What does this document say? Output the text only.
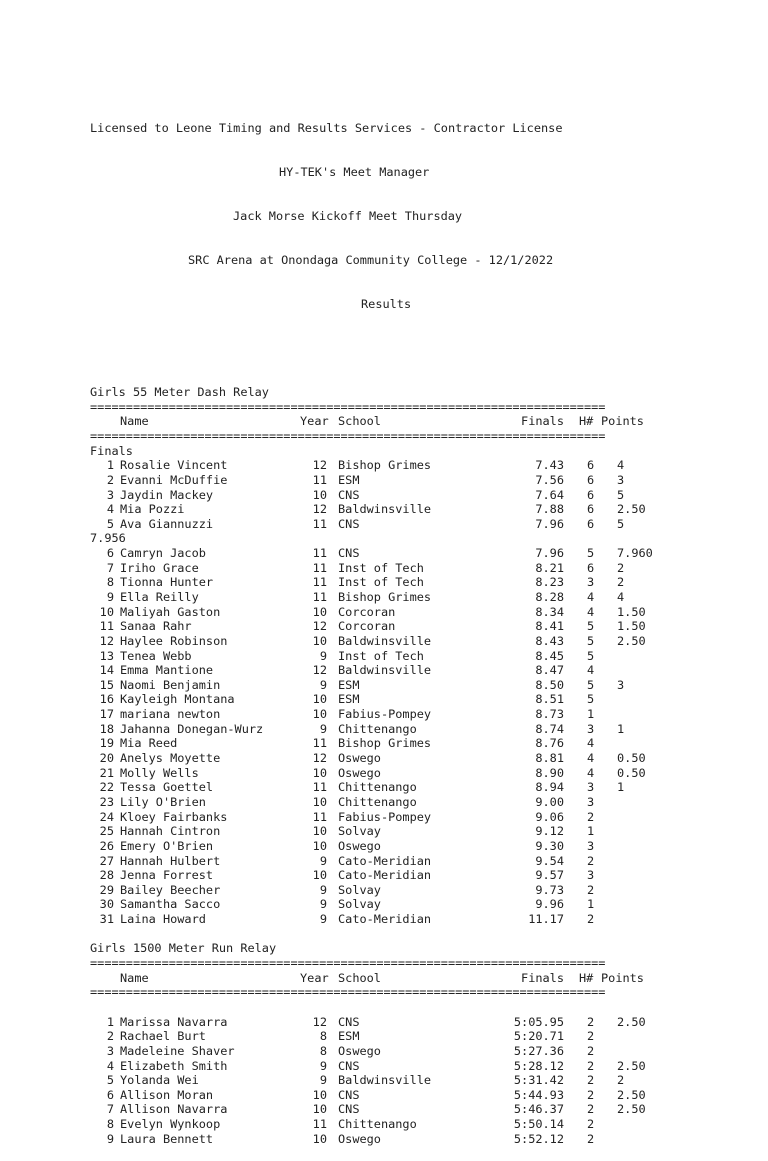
Licensed to Leone Timing and Results Services - Contractor License

HY-TEK's Meet Manager

Jack Morse Kickoff Meet Thursday

SRC Arena at Onondaga Community College - 12/1/2022

Results

Girls 55 Meter Dash Relay
========================================================================
Name	Year School	Finals H# Points
========================================================================
Finals
1 Rosalie Vincent	12 Bishop Grimes	7.43 6 4
2 Evanni McDuffie	11 ESM	7.56 6 3
3 Jaydin Mackey	10 CNS	7.64 6 5
4 Mia Pozzi	12 Baldwinsville	7.88 6 2.50
5 Ava Giannuzzi	11 CNS	7.96 6 5
7.956
6 Camryn Jacob	11 CNS	7.96 5 7.960
7 Iriho Grace	11 Inst of Tech	8.21 6 2
8 Tionna Hunter	11 Inst of Tech	8.23 3 2
9 Ella Reilly	11 Bishop Grimes	8.28 4 4
10 Maliyah Gaston	10 Corcoran	8.34 4 1.50
11 Sanaa Rahr	12 Corcoran	8.41 5 1.50
12 Haylee Robinson	10 Baldwinsville	8.43 5 2.50
13 Tenea Webb	9 Inst of Tech	8.45 5
14 Emma Mantione	12 Baldwinsville	8.47 4
15 Naomi Benjamin	9 ESM	8.50 5 3
16 Kayleigh Montana	10 ESM	8.51 5
17 mariana newton	10 Fabius-Pompey	8.73 1
18 Jahanna Donegan-Wurz	9 Chittenango	8.74 3 1
19 Mia Reed	11 Bishop Grimes	8.76 4
20 Anelys Moyette	12 Oswego	8.81 4 0.50
21 Molly Wells	10 Oswego	8.90 4 0.50
22 Tessa Goettel	11 Chittenango	8.94 3 1
23 Lily O'Brien	10 Chittenango	9.00 3
24 Kloey Fairbanks	11 Fabius-Pompey	9.06 2
25 Hannah Cintron	10 Solvay	9.12 1
26 Emery O'Brien	10 Oswego	9.30 3
27 Hannah Hulbert	9 Cato-Meridian	9.54 2
28 Jenna Forrest	10 Cato-Meridian	9.57 3
29 Bailey Beecher	9 Solvay	9.73 2
30 Samantha Sacco	9 Solvay	9.96 1
31 Laina Howard	9 Cato-Meridian	11.17 2
Girls 1500 Meter Run Relay
========================================================================
Name	Year School	Finals H# Points
========================================================================
1 Marissa Navarra	12 CNS	5:05.95 2 2.50
2 Rachael Burt	8 ESM	5:20.71 2
3 Madeleine Shaver	8 Oswego	5:27.36 2
4 Elizabeth Smith	9 CNS	5:28.12 2 2.50
5 Yolanda Wei	9 Baldwinsville	5:31.42 2 2
6 Allison Moran	10 CNS	5:44.93 2 2.50
7 Allison Navarra	10 CNS	5:46.37 2 2.50
8 Evelyn Wynkoop	11 Chittenango	5:50.14 2
9 Laura Bennett	10 Oswego	5:52.12 2
